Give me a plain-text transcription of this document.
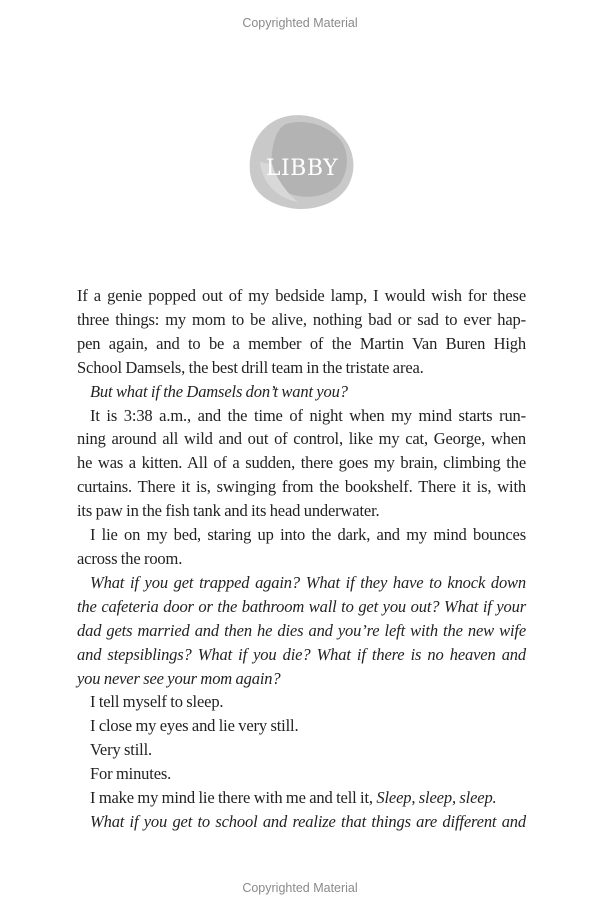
Copyrighted Material
LIBBY
If a genie popped out of my bedside lamp, I would wish for these
three things: my mom to be alive, nothing bad or sad to ever hap-
pen again, and to be a member of the Martin Van Buren High
School Damsels, the best drill team in the tristate area.
But what if the Damsels don’t want you?
It is 3:38 a.m., and the time of night when my mind starts run-
ning around all wild and out of control, like my cat, George, when
he was a kitten. All of a sudden, there goes my brain, climbing the
curtains. There it is, swinging from the bookshelf. There it is, with
its paw in the fish tank and its head underwater.
I lie on my bed, staring up into the dark, and my mind bounces
across the room.
What if you get trapped again? What if they have to knock down
the cafeteria door or the bathroom wall to get you out? What if your
dad gets married and then he dies and you’re left with the new wife
and stepsiblings? What if you die? What if there is no heaven and
you never see your mom again?
I tell myself to sleep.
I close my eyes and lie very still.
Very still.
For minutes.
I make my mind lie there with me and tell it, Sleep, sleep, sleep.
What if you get to school and realize that things are different and
Copyrighted Material
